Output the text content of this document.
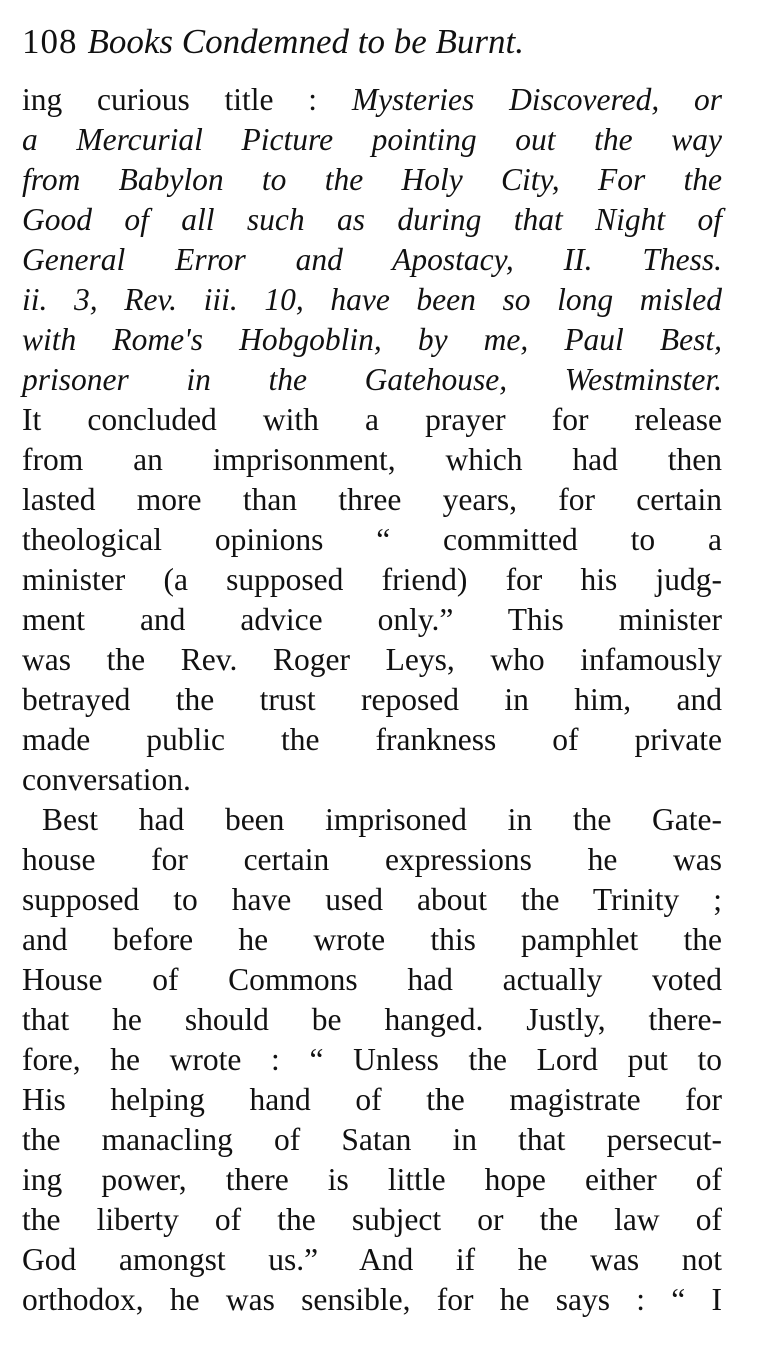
108 Books Condemned to be Burnt.
ing curious title : Mysteries Discovered, or
a Mercurial Picture pointing out the way
from Babylon to the Holy City, For the
Good of all such as during that Night of
General Error and Apostacy, II. Thess.
ii. 3, Rev. iii. 10, have been so long misled
with Rome's Hobgoblin, by me, Paul Best,
prisoner in the Gatehouse, Westminster.
It concluded with a prayer for release
from an imprisonment, which had then
lasted more than three years, for certain
theological opinions “ committed to a
minister (a supposed friend) for his judg-
ment and advice only.” This minister
was the Rev. Roger Leys, who infamously
betrayed the trust reposed in him, and
made public the frankness of private
conversation.
Best had been imprisoned in the Gate-
house for certain expressions he was
supposed to have used about the Trinity ;
and before he wrote this pamphlet the
House of Commons had actually voted
that he should be hanged. Justly, there-
fore, he wrote : “ Unless the Lord put to
His helping hand of the magistrate for
the manacling of Satan in that persecut-
ing power, there is little hope either of
the liberty of the subject or the law of
God amongst us.” And if he was not
orthodox, he was sensible, for he says : “ I
